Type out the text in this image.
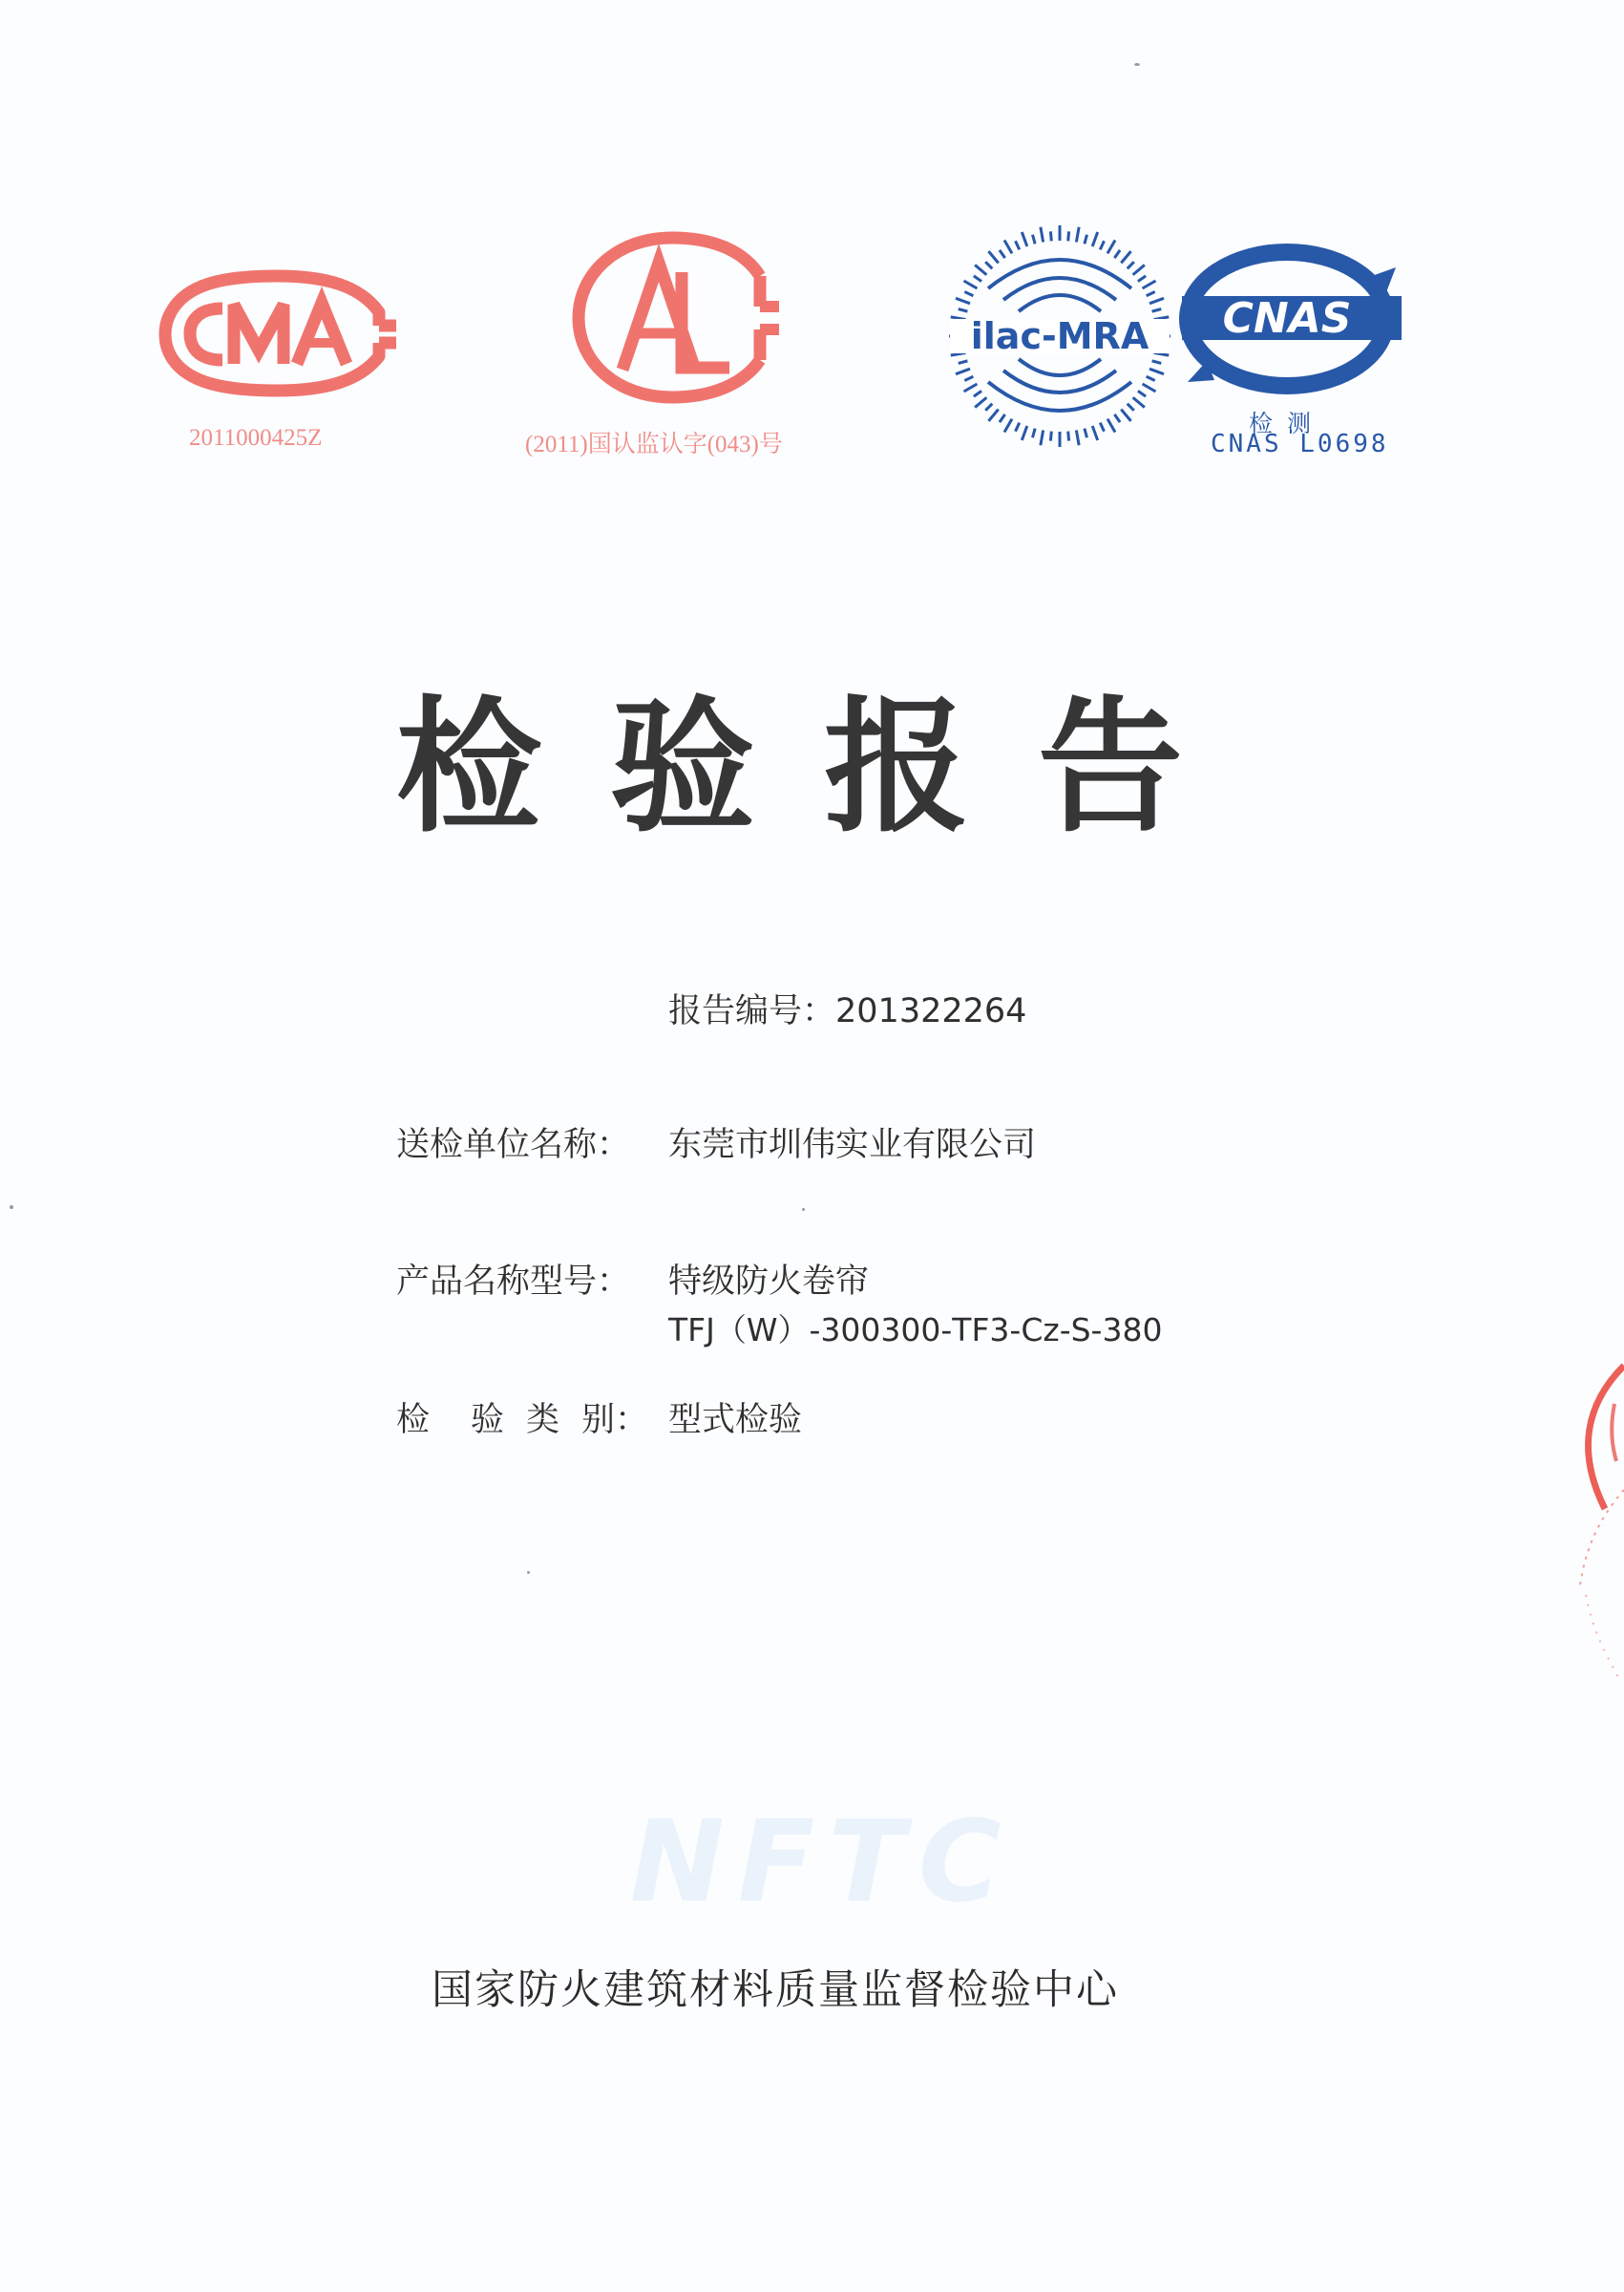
2011000425Z	(2011)国认监认字(043)号
ilac-MRA CNAS
检 测
CNAS L0698
检验报告
报告编号：201322264
送检单位名称： 东莞市圳伟实业有限公司
产品名称型号： 特级防火卷帘
TFJ（W）-300300-TF3-Cz-S-380
检 验 类 别： 型式检验
NFTC
国家防火建筑材料质量监督检验中心
